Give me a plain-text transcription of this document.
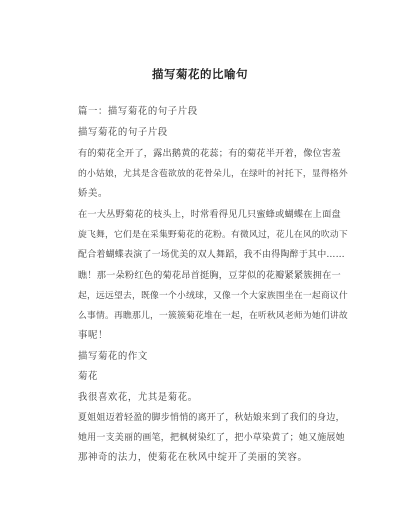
描写菊花的比喻句
篇一：描写菊花的句子片段
描写菊花的句子片段
有的菊花全开了，露出鹅黄的花蕊；有的菊花半开着，像位害羞
的小姑娘，尤其是含苞欲放的花骨朵儿，在绿叶的衬托下，显得格外
娇美。
在一大丛野菊花的枝头上，时常看得见几只蜜蜂或蝴蝶在上面盘
旋飞舞，它们是在采集野菊花的花粉。有微风过，花儿在风的吹动下
配合着蝴蝶表演了一场优美的双人舞蹈，我不由得陶醉于其中……
瞧！那一朵粉红色的菊花昂首挺胸，豆芽似的花瓣紧紧簇拥在一
起，远远望去，既像一个小绒球，又像一个大家族围坐在一起商议什
么事情。再瞧那儿，一簇簇菊花堆在一起，在听秋风老师为她们讲故
事呢！
描写菊花的作文
菊花
我很喜欢花，尤其是菊花。
夏姐姐迈着轻盈的脚步悄悄的离开了，秋姑娘来到了我们的身边，
她用一支美丽的画笔，把枫树染红了，把小草染黄了；她又施展她
那神奇的法力，使菊花在秋风中绽开了美丽的笑容。
